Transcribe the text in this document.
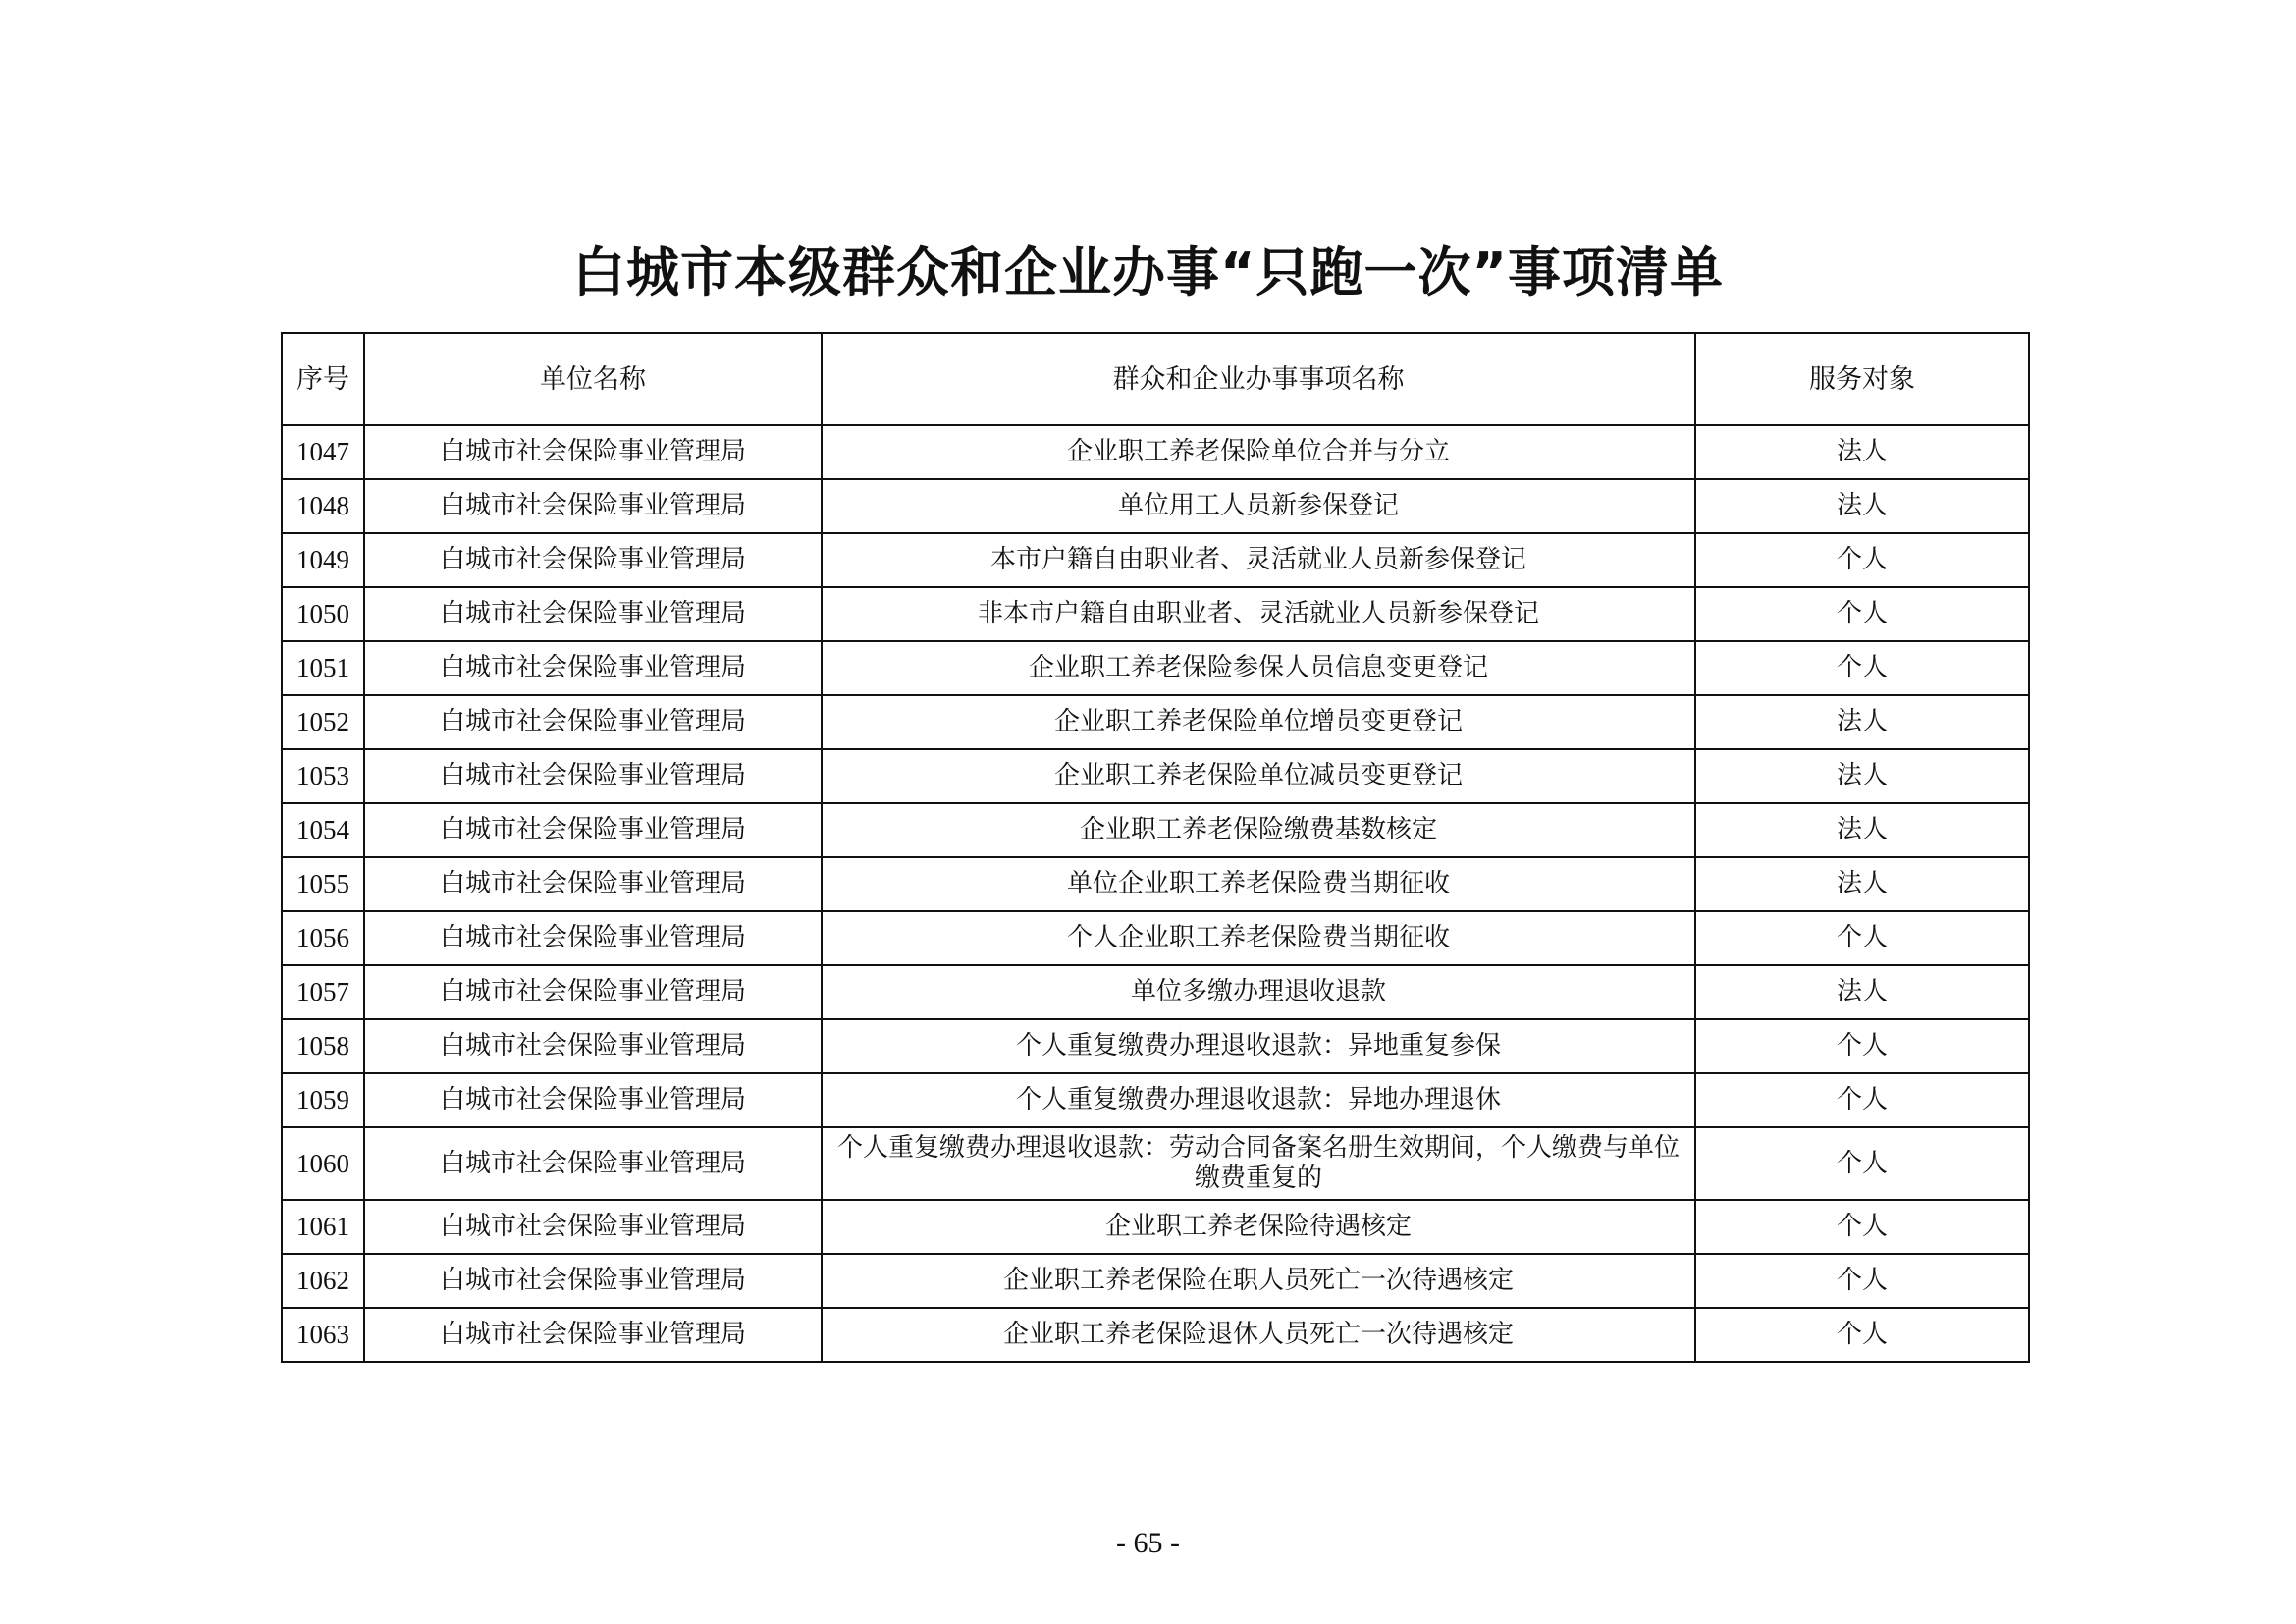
白城市本级群众和企业办事“只跑一次”事项清单
序号	单位名称	群众和企业办事事项名称	服务对象
1047	白城市社会保险事业管理局	企业职工养老保险单位合并与分立	法人
1048	白城市社会保险事业管理局	单位用工人员新参保登记	法人
1049	白城市社会保险事业管理局	本市户籍自由职业者、灵活就业人员新参保登记	个人
1050	白城市社会保险事业管理局	非本市户籍自由职业者、灵活就业人员新参保登记	个人
1051	白城市社会保险事业管理局	企业职工养老保险参保人员信息变更登记	个人
1052	白城市社会保险事业管理局	企业职工养老保险单位增员变更登记	法人
1053	白城市社会保险事业管理局	企业职工养老保险单位减员变更登记	法人
1054	白城市社会保险事业管理局	企业职工养老保险缴费基数核定	法人
1055	白城市社会保险事业管理局	单位企业职工养老保险费当期征收	法人
1056	白城市社会保险事业管理局	个人企业职工养老保险费当期征收	个人
1057	白城市社会保险事业管理局	单位多缴办理退收退款	法人
1058	白城市社会保险事业管理局	个人重复缴费办理退收退款：异地重复参保	个人
1059	白城市社会保险事业管理局	个人重复缴费办理退收退款：异地办理退休	个人
1060	白城市社会保险事业管理局	个人重复缴费办理退收退款：劳动合同备案名册生效期间，个人缴费与单位缴费重复的	个人
1061	白城市社会保险事业管理局	企业职工养老保险待遇核定	个人
1062	白城市社会保险事业管理局	企业职工养老保险在职人员死亡一次待遇核定	个人
1063	白城市社会保险事业管理局	企业职工养老保险退休人员死亡一次待遇核定	个人
- 65 -
